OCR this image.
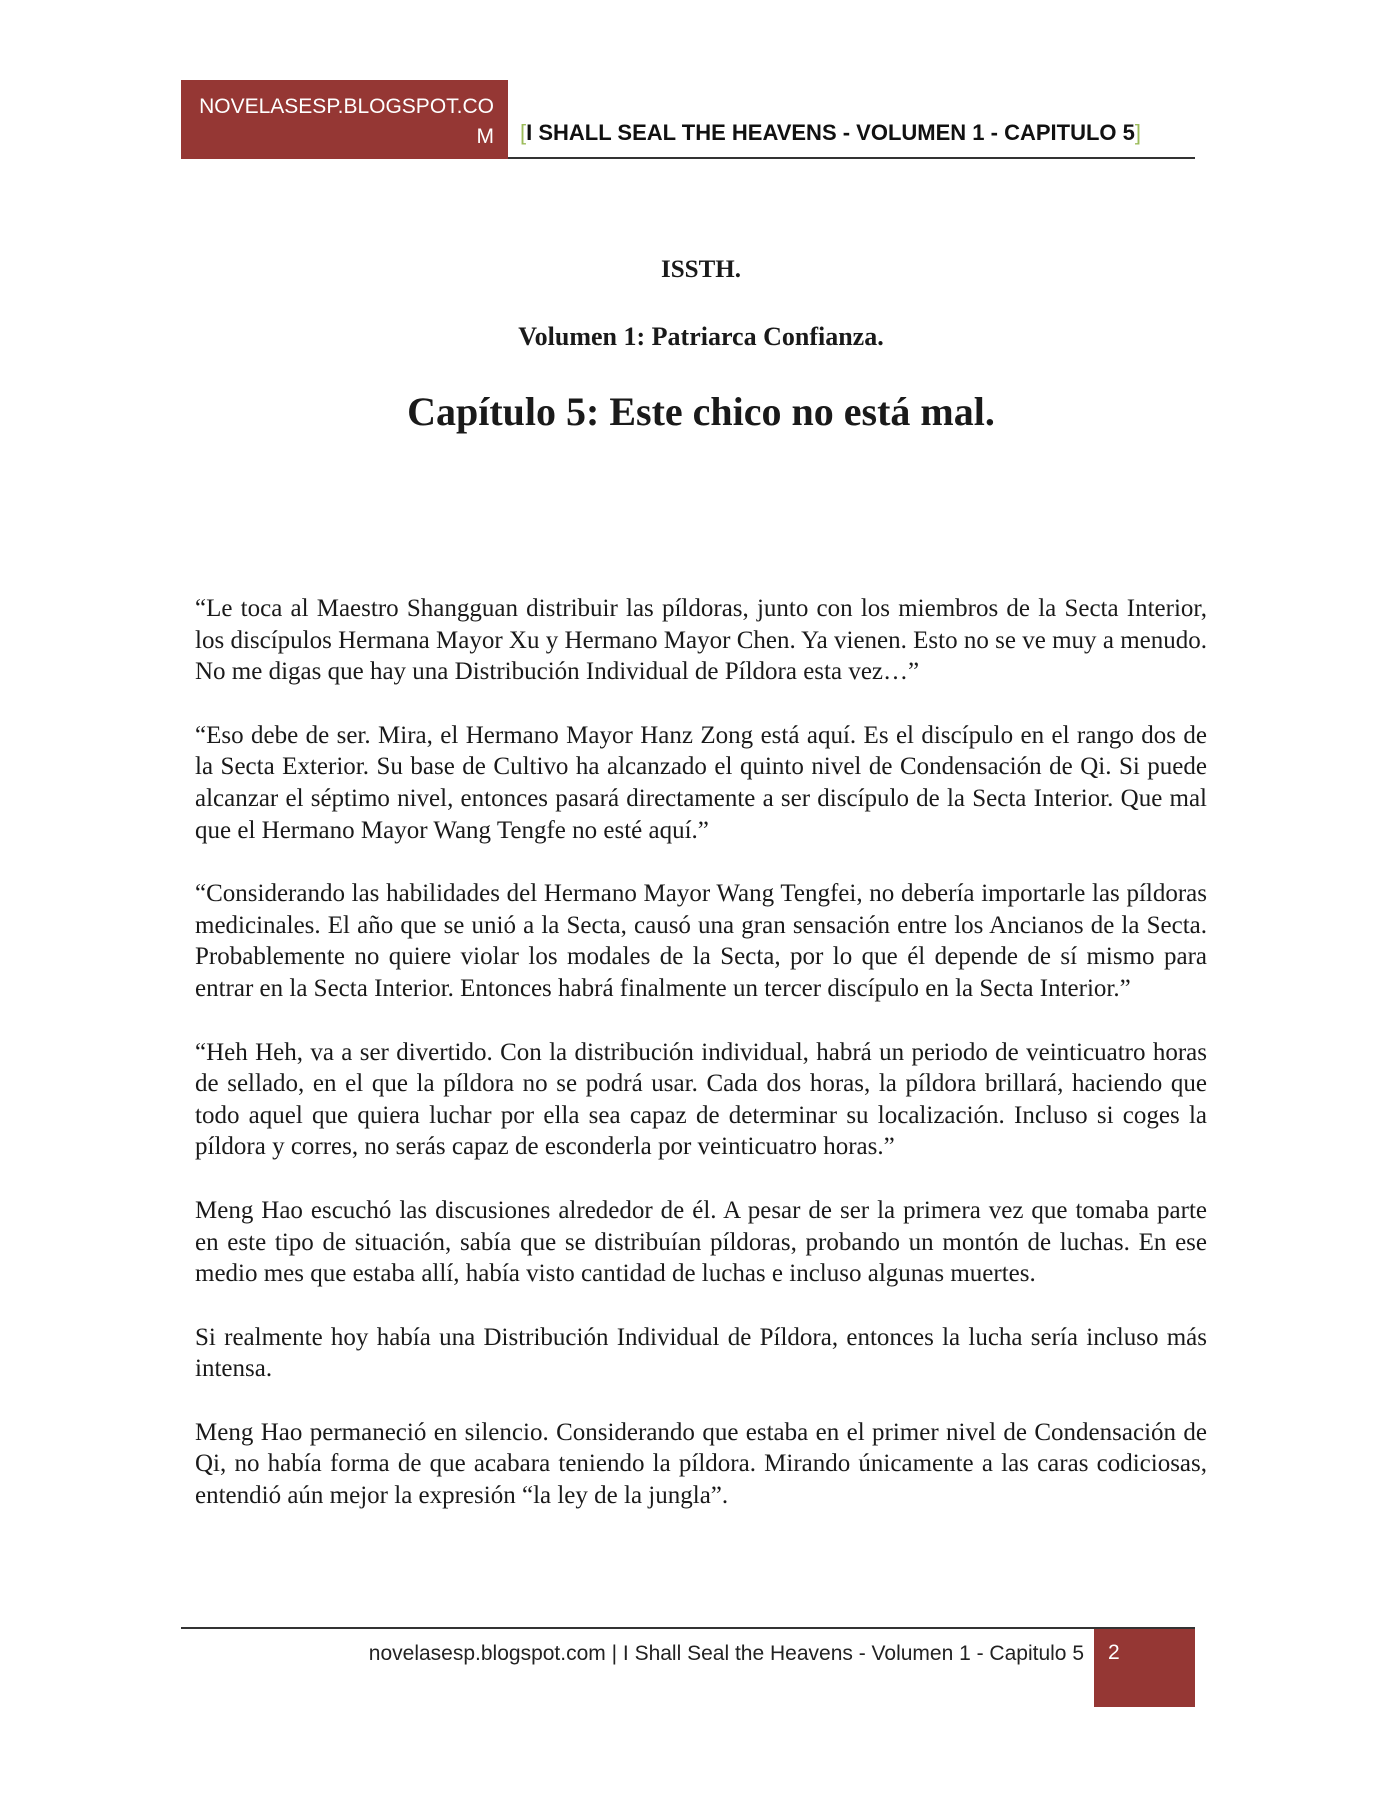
NOVELASESP.BLOGSPOT.COM	[I SHALL SEAL THE HEAVENS - VOLUMEN 1 - CAPITULO 5]
ISSTH.
Volumen 1: Patriarca Confianza.
Capítulo 5: Este chico no está mal.

“Le toca al Maestro Shangguan distribuir las píldoras, junto con los miembros de la Secta Interior, los discípulos Hermana Mayor Xu y Hermano Mayor Chen. Ya vienen. Esto no se ve muy a menudo. No me digas que hay una Distribución Individual de Píldora esta vez…”

“Eso debe de ser. Mira, el Hermano Mayor Hanz Zong está aquí. Es el discípulo en el rango dos de la Secta Exterior. Su base de Cultivo ha alcanzado el quinto nivel de Condensación de Qi. Si puede alcanzar el séptimo nivel, entonces pasará directamente a ser discípulo de la Secta Interior. Que mal que el Hermano Mayor Wang Tengfe no esté aquí.”

“Considerando las habilidades del Hermano Mayor Wang Tengfei, no debería importarle las píldoras medicinales. El año que se unió a la Secta, causó una gran sensación entre los Ancianos de la Secta. Probablemente no quiere violar los modales de la Secta, por lo que él depende de sí mismo para entrar en la Secta Interior. Entonces habrá finalmente un tercer discípulo en la Secta Interior.”

“Heh Heh, va a ser divertido. Con la distribución individual, habrá un periodo de veinticuatro horas de sellado, en el que la píldora no se podrá usar. Cada dos horas, la píldora brillará, haciendo que todo aquel que quiera luchar por ella sea capaz de determinar su localización. Incluso si coges la píldora y corres, no serás capaz de esconderla por veinticuatro horas.”

Meng Hao escuchó las discusiones alrededor de él. A pesar de ser la primera vez que tomaba parte en este tipo de situación, sabía que se distribuían píldoras, probando un montón de luchas. En ese medio mes que estaba allí, había visto cantidad de luchas e incluso algunas muertes.

Si realmente hoy había una Distribución Individual de Píldora, entonces la lucha sería incluso más intensa.

Meng Hao permaneció en silencio. Considerando que estaba en el primer nivel de Condensación de Qi, no había forma de que acabara teniendo la píldora. Mirando únicamente a las caras codiciosas, entendió aún mejor la expresión “la ley de la jungla”.

novelasesp.blogspot.com | I Shall Seal the Heavens - Volumen 1 - Capitulo 5	2
